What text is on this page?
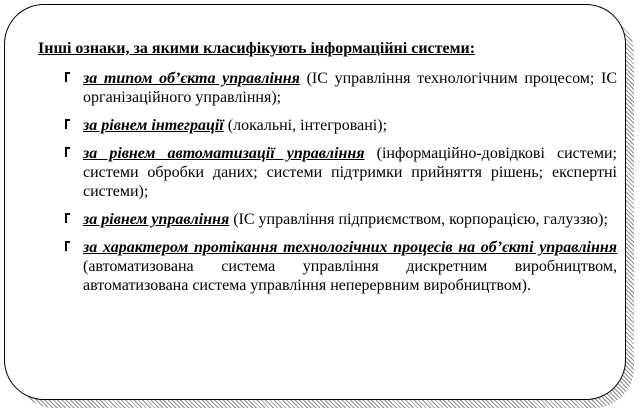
Інші ознаки, за якими класифікують інформаційні системи:
за типом об’єкта управління (ІС управління технологічним процесом; ІС організаційного управління);
за рівнем інтеграції (локальні, інтегровані);
за рівнем автоматизації управління (інформаційно-довідкові системи; системи обробки даних; системи підтримки прийняття рішень; експертні системи);
за рівнем управління (ІС управління підприємством, корпорацією, галуззю);
за характером протікання технологічних процесів на об’єкті управління (автоматизована система управління дискретним виробництвом, автоматизована система управління неперервним виробництвом).
